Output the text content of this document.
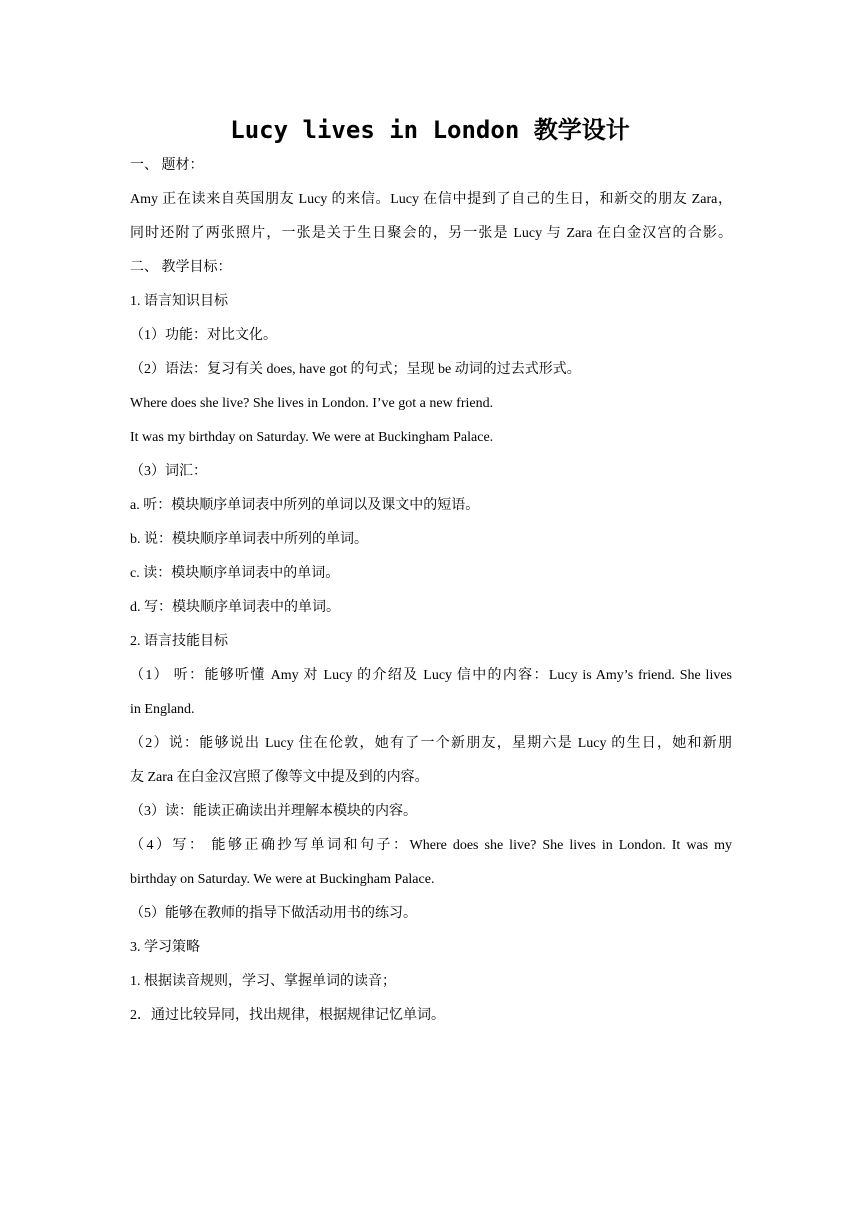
Lucy lives in London 教学设计
一、 题材：
Amy 正在读来自英国朋友 Lucy 的来信。Lucy 在信中提到了自己的生日，和新交的朋友 Zara，
同时还附了两张照片，一张是关于生日聚会的，另一张是 Lucy 与 Zara 在白金汉宫的合影。
二、 教学目标：
1. 语言知识目标
（1）功能：对比文化。
（2）语法：复习有关 does, have got 的句式；呈现 be 动词的过去式形式。
Where does she live? She lives in London. I’ve got a new friend.
It was my birthday on Saturday. We were at Buckingham Palace.
（3）词汇：
a. 听：模块顺序单词表中所列的单词以及课文中的短语。
b. 说：模块顺序单词表中所列的单词。
c. 读：模块顺序单词表中的单词。
d. 写：模块顺序单词表中的单词。
2. 语言技能目标
（1） 听：能够听懂 Amy 对 Lucy 的介绍及 Lucy 信中的内容：Lucy is Amy’s friend. She lives
in England.
（2）说：能够说出 Lucy 住在伦敦，她有了一个新朋友，星期六是 Lucy 的生日，她和新朋
友 Zara 在白金汉宫照了像等文中提及到的内容。
（3）读：能读正确读出并理解本模块的内容。
（4）写： 能够正确抄写单词和句子：Where does she live? She lives in London. It was my
birthday on Saturday. We were at Buckingham Palace.
（5）能够在教师的指导下做活动用书的练习。
3. 学习策略
1. 根据读音规则，学习、掌握单词的读音；
2．通过比较异同，找出规律，根据规律记忆单词。
